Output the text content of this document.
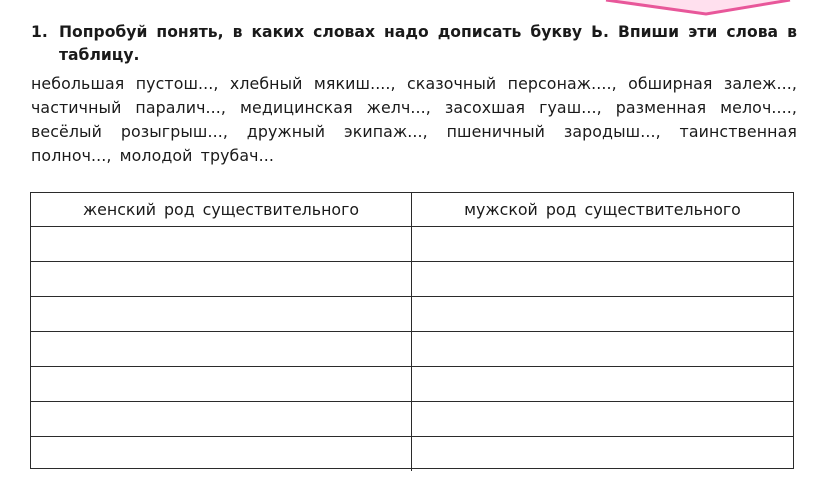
1. Попробуй понять, в каких словах надо дописать букву Ь. Впиши эти слова в таблицу.
небольшая пустош..., хлебный мякиш...., сказочный персонаж...., обширная залеж..., частичный паралич..., медицинская желч..., засохшая гуаш..., разменная мелоч...., весёлый розыгрыш..., дружный экипаж..., пшеничный зародыш..., таинственная полноч..., молодой трубач...
женский род существительного	мужской род существительного
